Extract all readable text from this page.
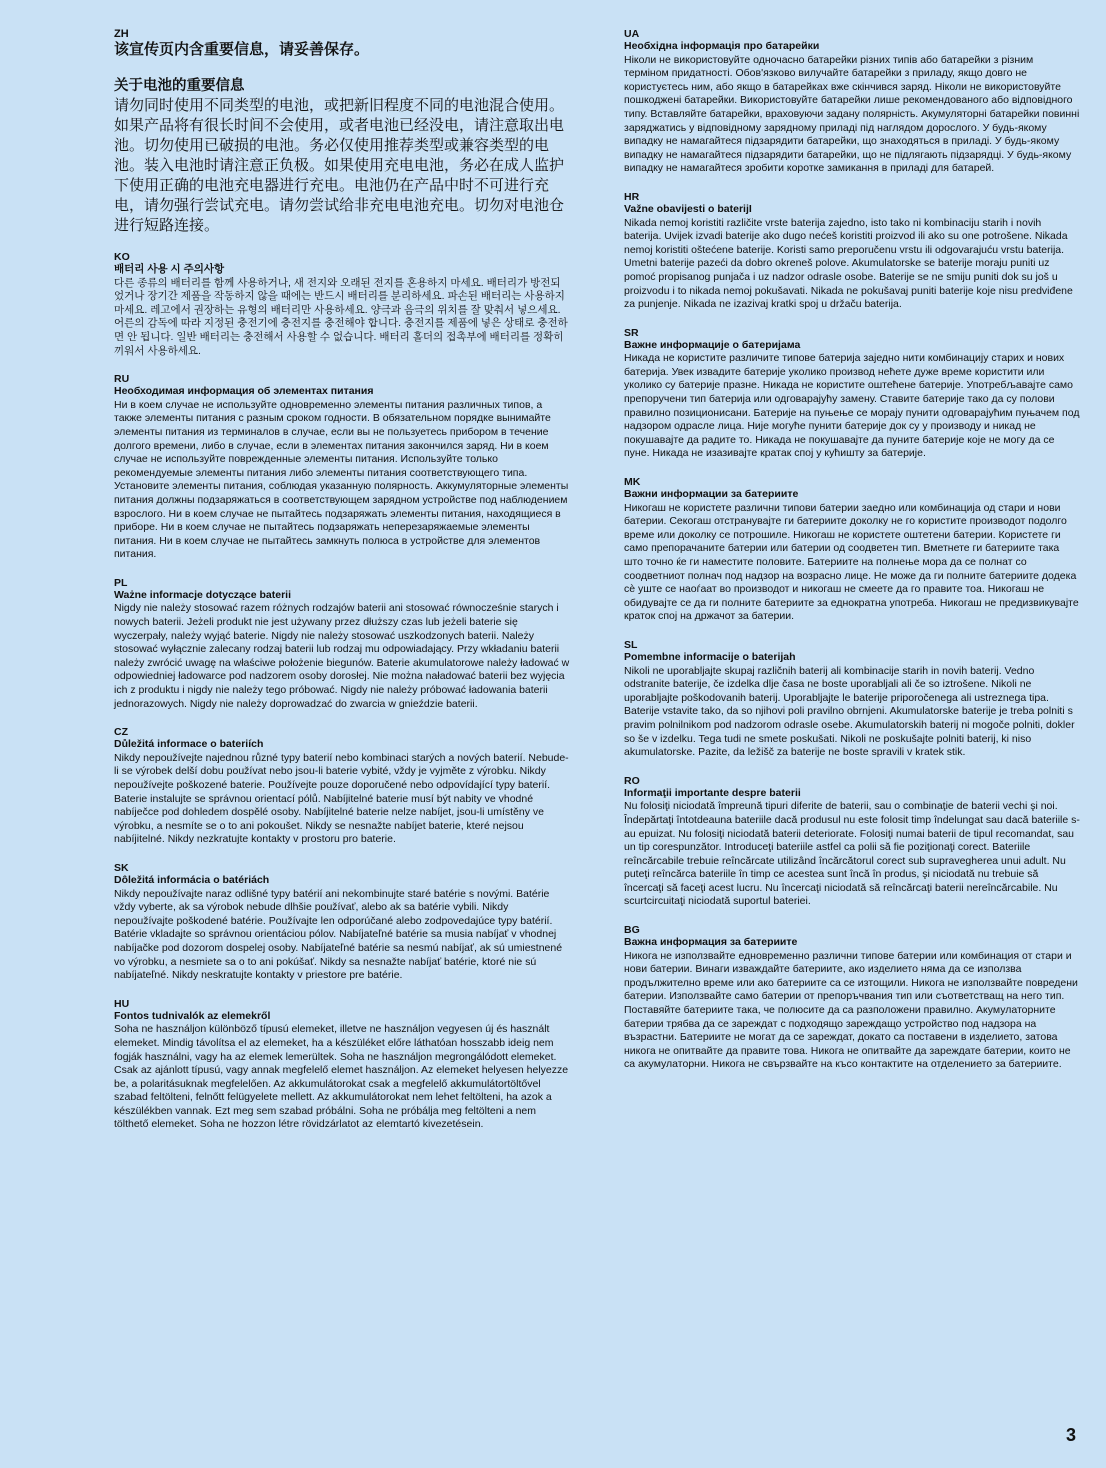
ZH

该宣传页内含重要信息，请妥善保存。

关于电池的重要信息

请勿同时使用不同类型的电池，或把新旧程度不同的电池混合使用。如果产品将有很长时间不会使用，或者电池已经没电，请注意取出电池。切勿使用已破损的电池。务必仅使用推荐类型或兼容类型的电池。装入电池时请注意正负极。如果使用充电电池，务必在成人监护下使用正确的电池充电器进行充电。电池仍在产品中时不可进行充电，请勿强行尝试充电。请勿尝试给非充电电池充电。切勿对电池仓进行短路连接。

KO

배터리 사용 시 주의사항

다른 종류의 배터리를 함께 사용하거나, 새 전지와 오래된 전지를 혼용하지 마세요. 배터리가 방전되었거나 장기간 제품을 작동하지 않을 때에는 반드시 배터리를 분리하세요. 파손된 배터리는 사용하지 마세요. 레고에서 권장하는 유형의 배터리만 사용하세요. 양극과 음극의 위치를 잘 맞춰서 넣으세요. 어른의 감독에 따라 지정된 충전기에 충전지를 충전해야 합니다. 충전지를 제품에 넣은 상태로 충전하면 안 됩니다. 일반 배터리는 충전해서 사용할 수 없습니다. 배터리 홀더의 접촉부에 배터리를 정확히 끼워서 사용하세요.

RU

Необходимая информация об элементах питания

Ни в коем случае не используйте одновременно элементы питания различных типов, а также элементы питания с разным сроком годности. В обязательном порядке вынимайте элементы питания из терминалов в случае, если вы не пользуетесь прибором в течение долгого времени, либо в случае, если в элементах питания закончился заряд. Ни в коем случае не используйте поврежденные элементы питания. Используйте только рекомендуемые элементы питания либо элементы питания соответствующего типа. Установите элементы питания, соблюдая указанную полярность. Аккумуляторные элементы питания должны подзаряжаться в соответствующем зарядном устройстве под наблюдением взрослого. Ни в коем случае не пытайтесь подзаряжать элементы питания, находящиеся в приборе. Ни в коем случае не пытайтесь подзаряжать неперезаряжаемые элементы питания. Ни в коем случае не пытайтесь замкнуть полюса в устройстве для элементов питания.

PL

Ważne informacje dotyczące baterii

Nigdy nie należy stosować razem różnych rodzajów baterii ani stosować równocześnie starych i nowych baterii. Jeżeli produkt nie jest używany przez dłuższy czas lub jeżeli baterie się wyczerpały, należy wyjąć baterie. Nigdy nie należy stosować uszkodzonych baterii. Należy stosować wyłącznie zalecany rodzaj baterii lub rodzaj mu odpowiadający. Przy wkładaniu baterii należy zwrócić uwagę na właściwe położenie biegunów. Baterie akumulatorowe należy ładować w odpowiedniej ładowarce pod nadzorem osoby dorosłej. Nie można naładować baterii bez wyjęcia ich z produktu i nigdy nie należy tego próbować. Nigdy nie należy próbować ładowania baterii jednorazowych. Nigdy nie należy doprowadzać do zwarcia w gnieździe baterii.

CZ

Důležitá informace o bateriích

Nikdy nepoužívejte najednou různé typy baterií nebo kombinaci starých a nových baterií. Nebude-li se výrobek delší dobu používat nebo jsou-li baterie vybité, vždy je vyjměte z výrobku. Nikdy nepoužívejte poškozené baterie. Používejte pouze doporučené nebo odpovídající typy baterií. Baterie instalujte se správnou orientací pólů. Nabíjitelné baterie musí být nabity ve vhodné nabíječce pod dohledem dospělé osoby. Nabíjitelné baterie nelze nabíjet, jsou-li umístěny ve výrobku, a nesmíte se o to ani pokoušet. Nikdy se nesnažte nabíjet baterie, které nejsou nabíjitelné. Nikdy nezkratujte kontakty v prostoru pro baterie.

SK

Dôležitá informácia o batériách

Nikdy nepoužívajte naraz odlišné typy batérií ani nekombinujte staré batérie s novými. Batérie vždy vyberte, ak sa výrobok nebude dlhšie používať, alebo ak sa batérie vybili. Nikdy nepoužívajte poškodené batérie. Používajte len odporúčané alebo zodpovedajúce typy batérií. Batérie vkladajte so správnou orientáciou pólov. Nabíjateľné batérie sa musia nabíjať v vhodnej nabíjačke pod dozorom dospelej osoby. Nabíjateľné batérie sa nesmú nabíjať, ak sú umiestnené vo výrobku, a nesmiete sa o to ani pokúšať. Nikdy sa nesnažte nabíjať batérie, ktoré nie sú nabíjateľné. Nikdy neskratujte kontakty v priestore pre batérie.

HU

Fontos tudnivalók az elemekről

Soha ne használjon különböző típusú elemeket, illetve ne használjon vegyesen új és használt elemeket. Mindig távolítsa el az elemeket, ha a készüléket előre láthatóan hosszabb ideig nem fogják használni, vagy ha az elemek lemerültek. Soha ne használjon megrongálódott elemeket. Csak az ajánlott típusú, vagy annak megfelelő elemet használjon. Az elemeket helyesen helyezze be, a polaritásuknak megfelelően. Az akkumulátorokat csak a megfelelő akkumulátortöltővel szabad feltölteni, felnőtt felügyelete mellett. Az akkumulátorokat nem lehet feltölteni, ha azok a készülékben vannak. Ezt meg sem szabad próbálni. Soha ne próbálja meg feltölteni a nem tölthető elemeket. Soha ne hozzon létre rövidzárlatot az elemtartó kivezetésein.

UA

Необхідна інформація про батарейки

Ніколи не використовуйте одночасно батарейки різних типів або батарейки з різним терміном придатності. Обов'язково вилучайте батарейки з приладу, якщо довго не користуєтесь ним, або якщо в батарейках вже скінчився заряд. Ніколи не використовуйте пошкоджені батарейки. Використовуйте батарейки лише рекомендованого або відповідного типу. Вставляйте батарейки, враховуючи задану полярність. Акумуляторні батарейки повинні заряджатись у відповідному зарядному приладі під наглядом дорослого. У будь-якому випадку не намагайтеся підзарядити батарейки, що знаходяться в приладі. У будь-якому випадку не намагайтеся підзарядити батарейки, що не підлягають підзарядці. У будь-якому випадку не намагайтеся зробити коротке замикання в приладі для батарей.

HR

Važne obavijesti o baterijI

Nikada nemoj koristiti različite vrste baterija zajedno, isto tako ni kombinaciju starih i novih baterija. Uvijek izvadi baterije ako dugo nećeš koristiti proizvod ili ako su one potrošene. Nikada nemoj koristiti oštećene baterije. Koristi samo preporučenu vrstu ili odgovarajuću vrstu baterija. Umetni baterije pazeći da dobro okreneš polove. Akumulatorske se baterije moraju puniti uz pomoć propisanog punjača i uz nadzor odrasle osobe. Baterije se ne smiju puniti dok su još u proizvodu i to nikada nemoj pokušavati. Nikada ne pokušavaj puniti baterije koje nisu predviđene za punjenje. Nikada ne izazivaj kratki spoj u držaču baterija.

SR

Важне информације о батеријама

Никада не користите различите типове батерија заједно нити комбинацију старих и нових батерија. Увек извадите батерије уколико производ нећете дуже време користити или уколико су батерије празне. Никада не користите оштећене батерије. Употребљавајте само препоручени тип батерија или одговарајућу замену. Ставите батерије тако да су полови правилно позиционисани. Батерије на пуњење се морају пунити одговарајућим пуњачем под надзором одрасле лица. Није могуће пунити батерије док су у производу и никад не покушавајте да радите то. Никада не покушавајте да пуните батерије које не могу да се пуне. Никада не изазивајте кратак спој у кућишту за батерије.

MK

Важни информации за батериите

Никогаш не користете различни типови батерии заедно или комбинација од стари и нови батерии. Секогаш отстранувајте ги батериите доколку не го користите производот подолго време или доколку се потрошиле. Никогаш не користете оштетени батерии. Користете ги само препорачаните батерии или батерии од соодветен тип. Вметнете ги батериите така што точно ќе ги наместите половите. Батериите на полнење мора да се полнат со соодветниот полнач под надзор на возрасно лице. Не може да ги полните батериите додека сѐ уште се наоѓаат во производот и никогаш не смеете да го правите тоа. Никогаш не обидувајте се да ги полните батериите за еднократна употреба. Никогаш не предизвикувајте краток спој на држачот за батерии.

SL

Pomembne informacije o baterijah

Nikoli ne uporabljajte skupaj različnih baterij ali kombinacije starih in novih baterij. Vedno odstranite baterije, če izdelka dlje časa ne boste uporabljali ali če so iztrošene. Nikoli ne uporabljajte poškodovanih baterij. Uporabljajte le baterije priporočenega ali ustreznega tipa. Baterije vstavite tako, da so njihovi poli pravilno obrnjeni. Akumulatorske baterije je treba polniti s pravim polnilnikom pod nadzorom odrasle osebe. Akumulatorskih baterij ni mogoče polniti, dokler so še v izdelku. Tega tudi ne smete poskušati. Nikoli ne poskušajte polniti baterij, ki niso akumulatorske. Pazite, da ležišč za baterije ne boste spravili v kratek stik.

RO

Informaţii importante despre baterii

Nu folosiţi niciodată împreună tipuri diferite de baterii, sau o combinaţie de baterii vechi şi noi. Îndepărtaţi întotdeauna bateriile dacă produsul nu este folosit timp îndelungat sau dacă bateriile s-au epuizat. Nu folosiţi niciodată baterii deteriorate. Folosiţi numai baterii de tipul recomandat, sau un tip corespunzător. Introduceţi bateriile astfel ca polii să fie poziţionaţi corect. Bateriile reîncărcabile trebuie reîncărcate utilizând încărcătorul corect sub supravegherea unui adult. Nu puteţi reîncărca bateriile în timp ce acestea sunt încă în produs, şi niciodată nu trebuie să încercaţi să faceţi acest lucru. Nu încercaţi niciodată să reîncărcaţi baterii nereîncărcabile. Nu scurtcircuitaţi niciodată suportul bateriei.

BG

Важна информация за батериите

Никога не използвайте едновременно различни типове батерии или комбинация от стари и нови батерии. Винаги изваждайте батериите, ако изделието няма да се използва продължително време или ако батериите са се изтощили. Никога не използвайте повредени батерии. Използвайте само батерии от препоръчвания тип или съответстващ на него тип. Поставяйте батериите така, че полюсите да са разположени правилно. Акумулаторните батерии трябва да се зареждат с подходящо зареждащо устройство под надзора на възрастни. Батериите не могат да се зареждат, докато са поставени в изделието, затова никога не опитвайте да правите това. Никога не опитвайте да зареждате батерии, които не са акумулаторни. Никога не свързвайте на късо контактите на отделението за батериите.

3
